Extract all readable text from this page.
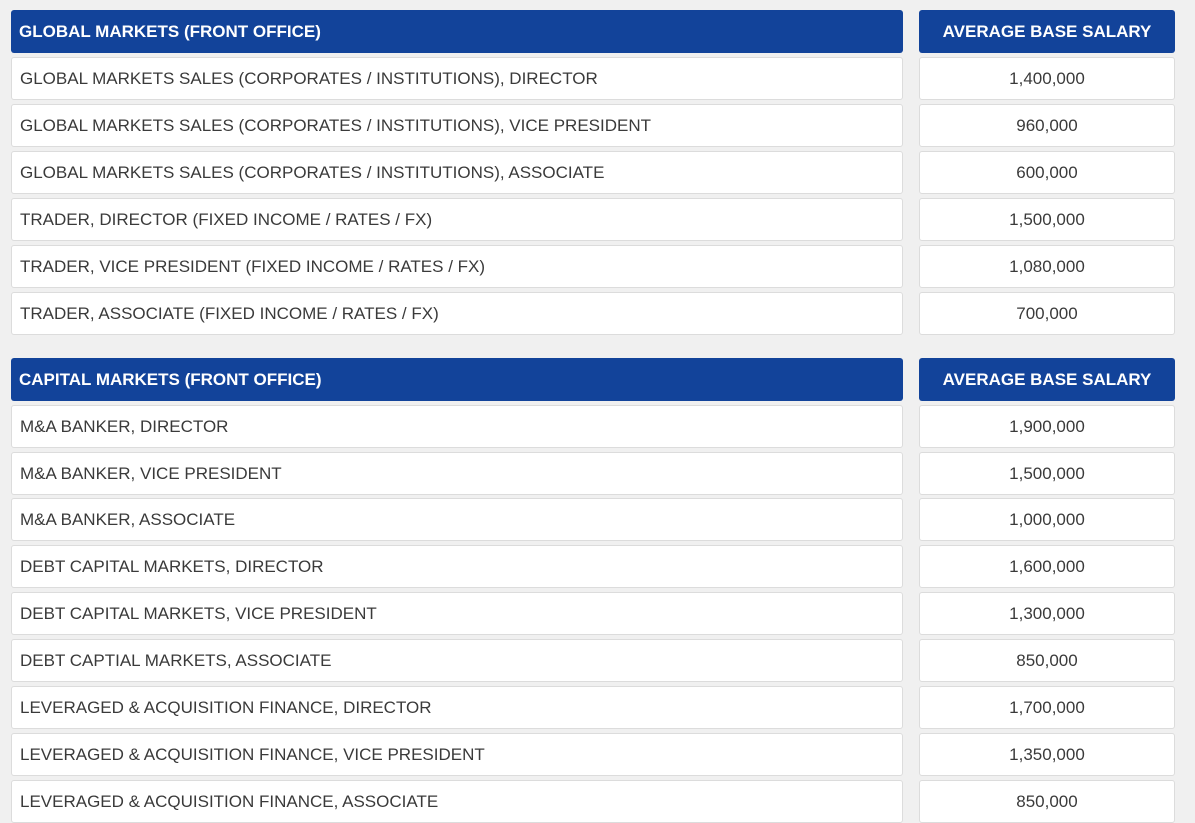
GLOBAL MARKETS (FRONT OFFICE)	AVERAGE BASE SALARY
GLOBAL MARKETS SALES (CORPORATES / INSTITUTIONS), DIRECTOR	1,400,000
GLOBAL MARKETS SALES (CORPORATES / INSTITUTIONS), VICE PRESIDENT	960,000
GLOBAL MARKETS SALES (CORPORATES / INSTITUTIONS), ASSOCIATE	600,000
TRADER, DIRECTOR (FIXED INCOME / RATES / FX)	1,500,000
TRADER, VICE PRESIDENT (FIXED INCOME / RATES / FX)	1,080,000
TRADER, ASSOCIATE (FIXED INCOME / RATES / FX)	700,000
CAPITAL MARKETS (FRONT OFFICE)	AVERAGE BASE SALARY
M&A BANKER, DIRECTOR	1,900,000
M&A BANKER, VICE PRESIDENT	1,500,000
M&A BANKER, ASSOCIATE	1,000,000
DEBT CAPITAL MARKETS, DIRECTOR	1,600,000
DEBT CAPITAL MARKETS, VICE PRESIDENT	1,300,000
DEBT CAPTIAL MARKETS, ASSOCIATE	850,000
LEVERAGED & ACQUISITION FINANCE, DIRECTOR	1,700,000
LEVERAGED & ACQUISITION FINANCE, VICE PRESIDENT	1,350,000
LEVERAGED & ACQUISITION FINANCE, ASSOCIATE	850,000
